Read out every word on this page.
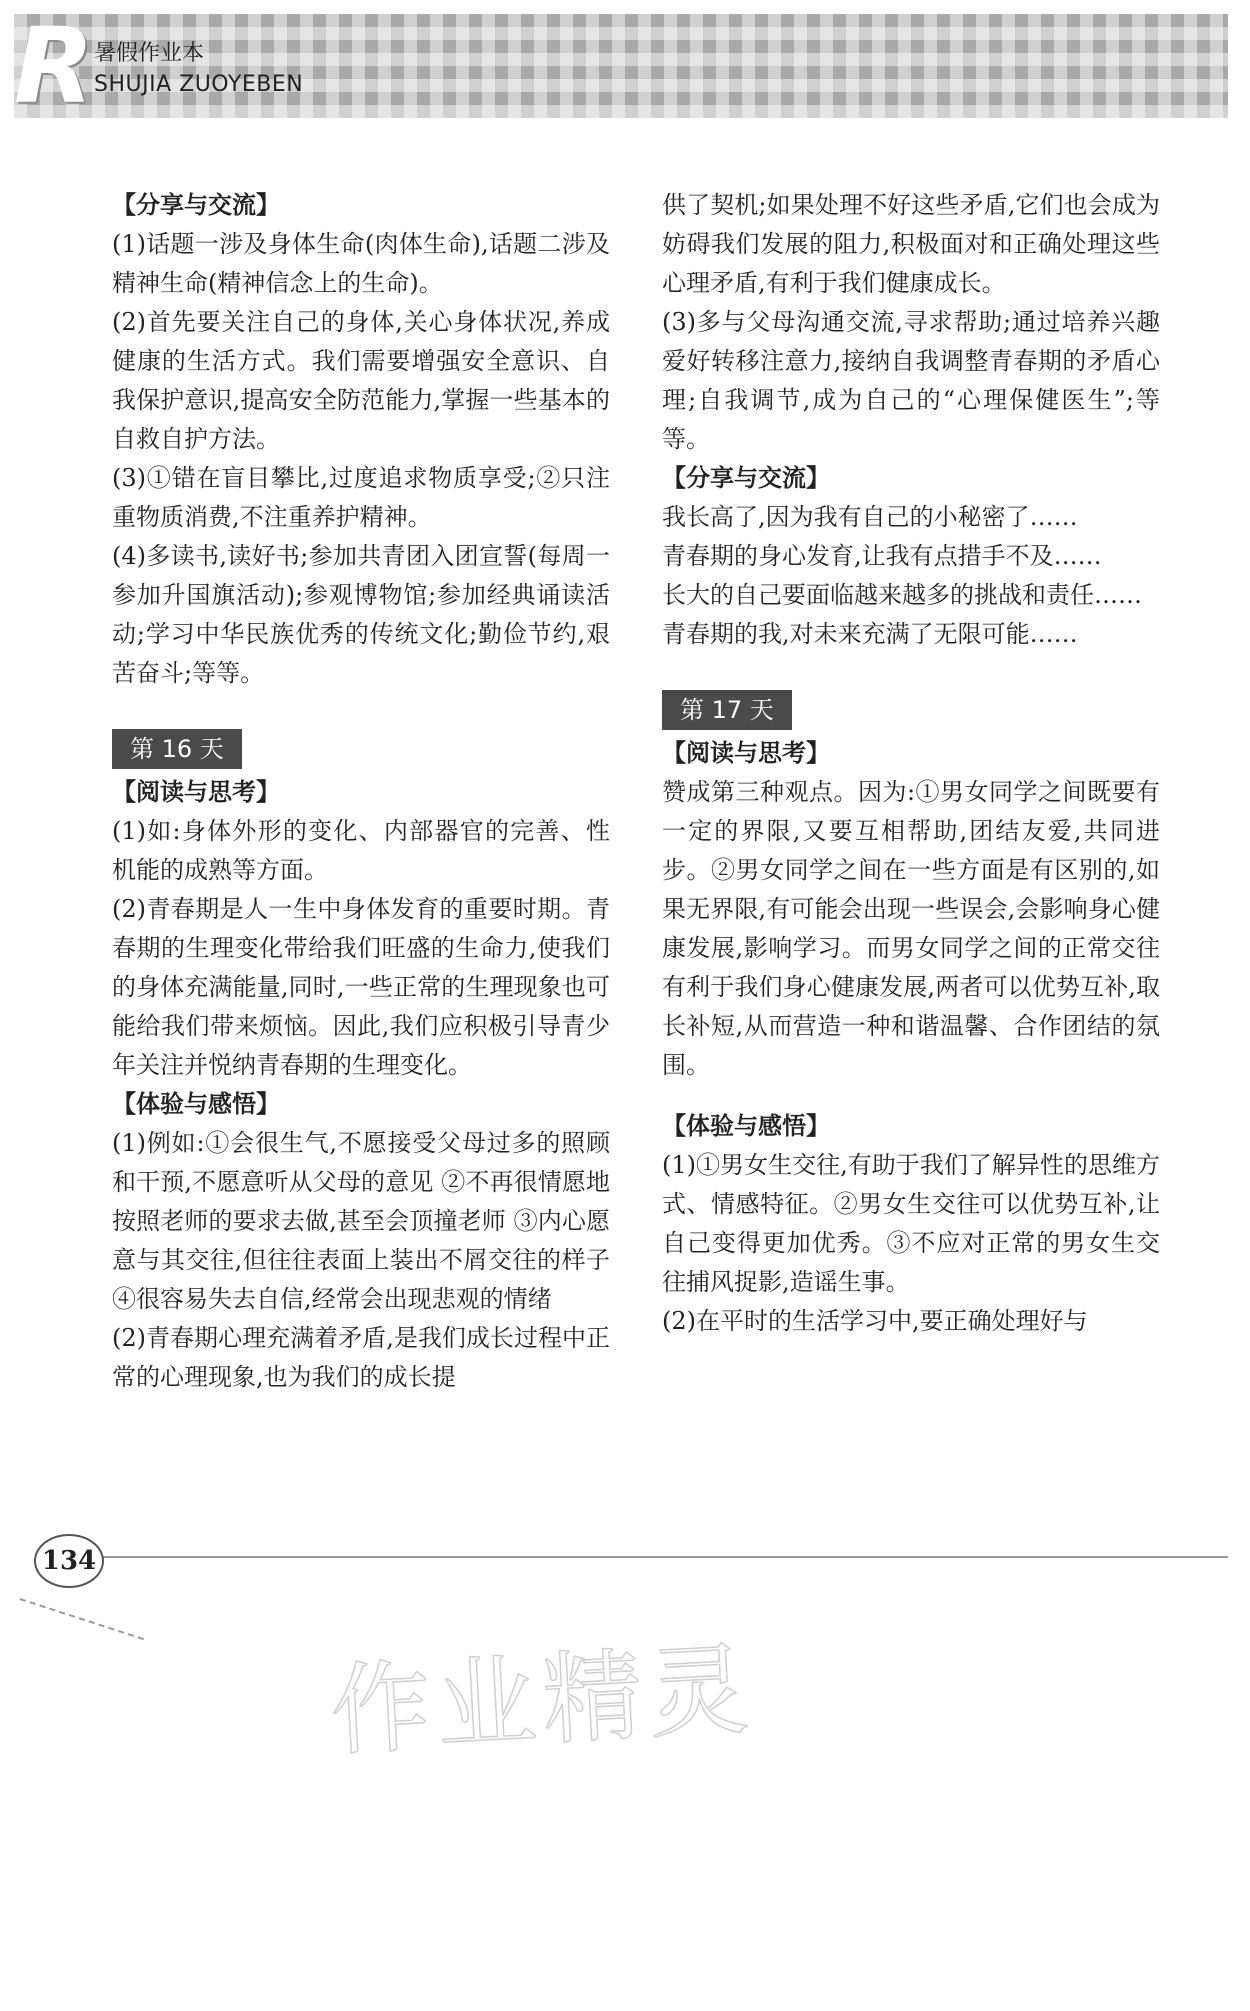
R 暑假作业本
SHUJIA ZUOYEBEN

【分享与交流】

(1)话题一涉及身体生命(肉体生命),话题二涉及精神生命(精神信念上的生命)。

(2)首先要关注自己的身体,关心身体状况,养成健康的生活方式。我们需要增强安全意识、自我保护意识,提高安全防范能力,掌握一些基本的自救自护方法。

(3)①错在盲目攀比,过度追求物质享受;②只注重物质消费,不注重养护精神。

(4)多读书,读好书;参加共青团入团宣誓(每周一参加升国旗活动);参观博物馆;参加经典诵读活动;学习中华民族优秀的传统文化;勤俭节约,艰苦奋斗;等等。

第 16 天

【阅读与思考】

(1)如:身体外形的变化、内部器官的完善、性机能的成熟等方面。

(2)青春期是人一生中身体发育的重要时期。青春期的生理变化带给我们旺盛的生命力,使我们的身体充满能量,同时,一些正常的生理现象也可能给我们带来烦恼。因此,我们应积极引导青少年关注并悦纳青春期的生理变化。

【体验与感悟】

(1)例如:①会很生气,不愿接受父母过多的照顾和干预,不愿意听从父母的意见 ②不再很情愿地按照老师的要求去做,甚至会顶撞老师 ③内心愿意与其交往,但往往表面上装出不屑交往的样子 ④很容易失去自信,经常会出现悲观的情绪

(2)青春期心理充满着矛盾,是我们成长过程中正常的心理现象,也为我们的成长提

供了契机;如果处理不好这些矛盾,它们也会成为妨碍我们发展的阻力,积极面对和正确处理这些心理矛盾,有利于我们健康成长。

(3)多与父母沟通交流,寻求帮助;通过培养兴趣爱好转移注意力,接纳自我调整青春期的矛盾心理;自我调节,成为自己的“心理保健医生”;等等。

【分享与交流】

我长高了,因为我有自己的小秘密了……

青春期的身心发育,让我有点措手不及……

长大的自己要面临越来越多的挑战和责任……

青春期的我,对未来充满了无限可能……

第 17 天

【阅读与思考】

赞成第三种观点。因为:①男女同学之间既要有一定的界限,又要互相帮助,团结友爱,共同进步。②男女同学之间在一些方面是有区别的,如果无界限,有可能会出现一些误会,会影响身心健康发展,影响学习。而男女同学之间的正常交往有利于我们身心健康发展,两者可以优势互补,取长补短,从而营造一种和谐温馨、合作团结的氛围。

【体验与感悟】

(1)①男女生交往,有助于我们了解异性的思维方式、情感特征。②男女生交往可以优势互补,让自己变得更加优秀。③不应对正常的男女生交往捕风捉影,造谣生事。

(2)在平时的生活学习中,要正确处理好与

134
作业精灵
